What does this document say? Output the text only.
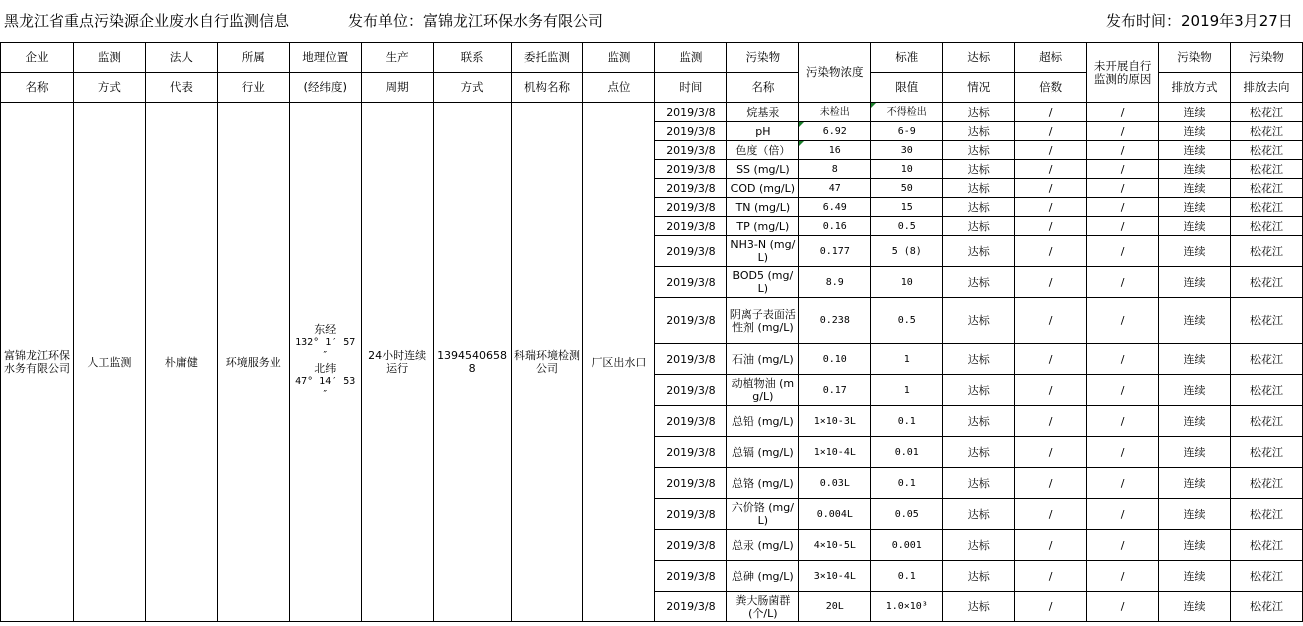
黑龙江省重点污染源企业废水自行监测信息	发布单位：富锦龙江环保水务有限公司	发布时间：2019年3月27日
企业	监测	法人	所属	地理位置	生产	联系	委托监测	监测	监测	污染物	污染物浓度	标准	达标	超标	未开展自行监测的原因	污染物	污染物
名称	方式	代表	行业	(经纬度)	周期	方式	机构名称	点位	时间	名称		限值	情况	倍数		排放方式	排放去向
富锦龙江环保水务有限公司	人工监测	朴庸健	环境服务业	东经
132° 1′ 57 ″
北纬
47° 14′ 53 ″	24小时连续运行	13945406588	科瑞环境检测公司	厂区出水口	2019/3/8	烷基汞	未检出	不得检出	达标	/	/	连续	松花江
									2019/3/8	pH	6.92	6-9	达标	/	/	连续	松花江
									2019/3/8	色度（倍）	16	30	达标	/	/	连续	松花江
									2019/3/8	SS (mg/L)	8	10	达标	/	/	连续	松花江
									2019/3/8	COD (mg/L)	47	50	达标	/	/	连续	松花江
									2019/3/8	TN (mg/L)	6.49	15	达标	/	/	连续	松花江
									2019/3/8	TP (mg/L)	0.16	0.5	达标	/	/	连续	松花江
									2019/3/8	NH3-N (mg/L)	0.177	5 (8)	达标	/	/	连续	松花江
									2019/3/8	BOD5 (mg/L)	8.9	10	达标	/	/	连续	松花江
									2019/3/8	阴离子表面活性剂 (mg/L)	0.238	0.5	达标	/	/	连续	松花江
									2019/3/8	石油 (mg/L)	0.10	1	达标	/	/	连续	松花江
									2019/3/8	动植物油 (mg/L)	0.17	1	达标	/	/	连续	松花江
									2019/3/8	总铅 (mg/L)	1×10-3L	0.1	达标	/	/	连续	松花江
									2019/3/8	总镉 (mg/L)	1×10-4L	0.01	达标	/	/	连续	松花江
									2019/3/8	总铬 (mg/L)	0.03L	0.1	达标	/	/	连续	松花江
									2019/3/8	六价铬 (mg/L)	0.004L	0.05	达标	/	/	连续	松花江
									2019/3/8	总汞 (mg/L)	4×10-5L	0.001	达标	/	/	连续	松花江
									2019/3/8	总砷 (mg/L)	3×10-4L	0.1	达标	/	/	连续	松花江
									2019/3/8	粪大肠菌群 (个/L)	20L	1.0×10³	达标	/	/	连续	松花江
